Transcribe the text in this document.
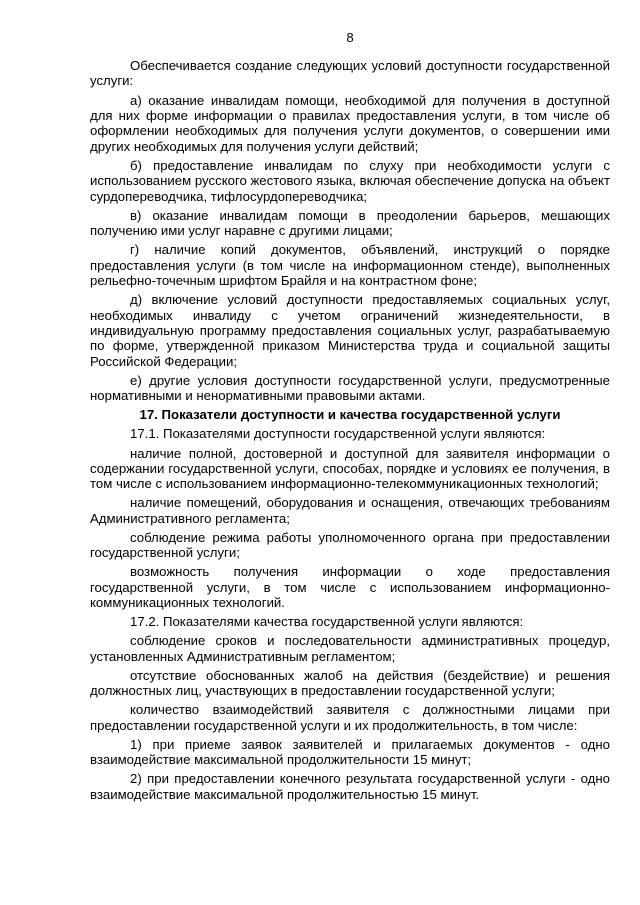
8

Обеспечивается создание следующих условий доступности государственной услуги:

а) оказание инвалидам помощи, необходимой для получения в доступной для них форме информации о правилах предоставления услуги, в том числе об оформлении необходимых для получения услуги документов, о совершении ими других необходимых для получения услуги действий;

б) предоставление инвалидам по слуху при необходимости услуги с использованием русского жестового языка, включая обеспечение допуска на объект сурдопереводчика, тифлосурдопереводчика;

в) оказание инвалидам помощи в преодолении барьеров, мешающих получению ими услуг наравне с другими лицами;

г) наличие копий документов, объявлений, инструкций о порядке предоставления услуги (в том числе на информационном стенде), выполненных рельефно-точечным шрифтом Брайля и на контрастном фоне;

д) включение условий доступности предоставляемых социальных услуг, необходимых инвалиду с учетом ограничений жизнедеятельности, в индивидуальную программу предоставления социальных услуг, разрабатываемую по форме, утвержденной приказом Министерства труда и социальной защиты Российской Федерации;

е) другие условия доступности государственной услуги, предусмотренные нормативными и ненормативными правовыми актами.

17. Показатели доступности и качества государственной услуги

17.1. Показателями доступности государственной услуги являются:

наличие полной, достоверной и доступной для заявителя информации о содержании государственной услуги, способах, порядке и условиях ее получения, в том числе с использованием информационно-телекоммуникационных технологий;

наличие помещений, оборудования и оснащения, отвечающих требованиям Административного регламента;

соблюдение режима работы уполномоченного органа при предоставлении государственной услуги;

возможность получения информации о ходе предоставления государственной услуги, в том числе с использованием информационно-коммуникационных технологий.

17.2. Показателями качества государственной услуги являются:

соблюдение сроков и последовательности административных процедур, установленных Административным регламентом;

отсутствие обоснованных жалоб на действия (бездействие) и решения должностных лиц, участвующих в предоставлении государственной услуги;

количество взаимодействий заявителя с должностными лицами при предоставлении государственной услуги и их продолжительность, в том числе:

1) при приеме заявок заявителей и прилагаемых документов - одно взаимодействие максимальной продолжительности 15 минут;

2) при предоставлении конечного результата государственной услуги - одно взаимодействие максимальной продолжительностью 15 минут.
